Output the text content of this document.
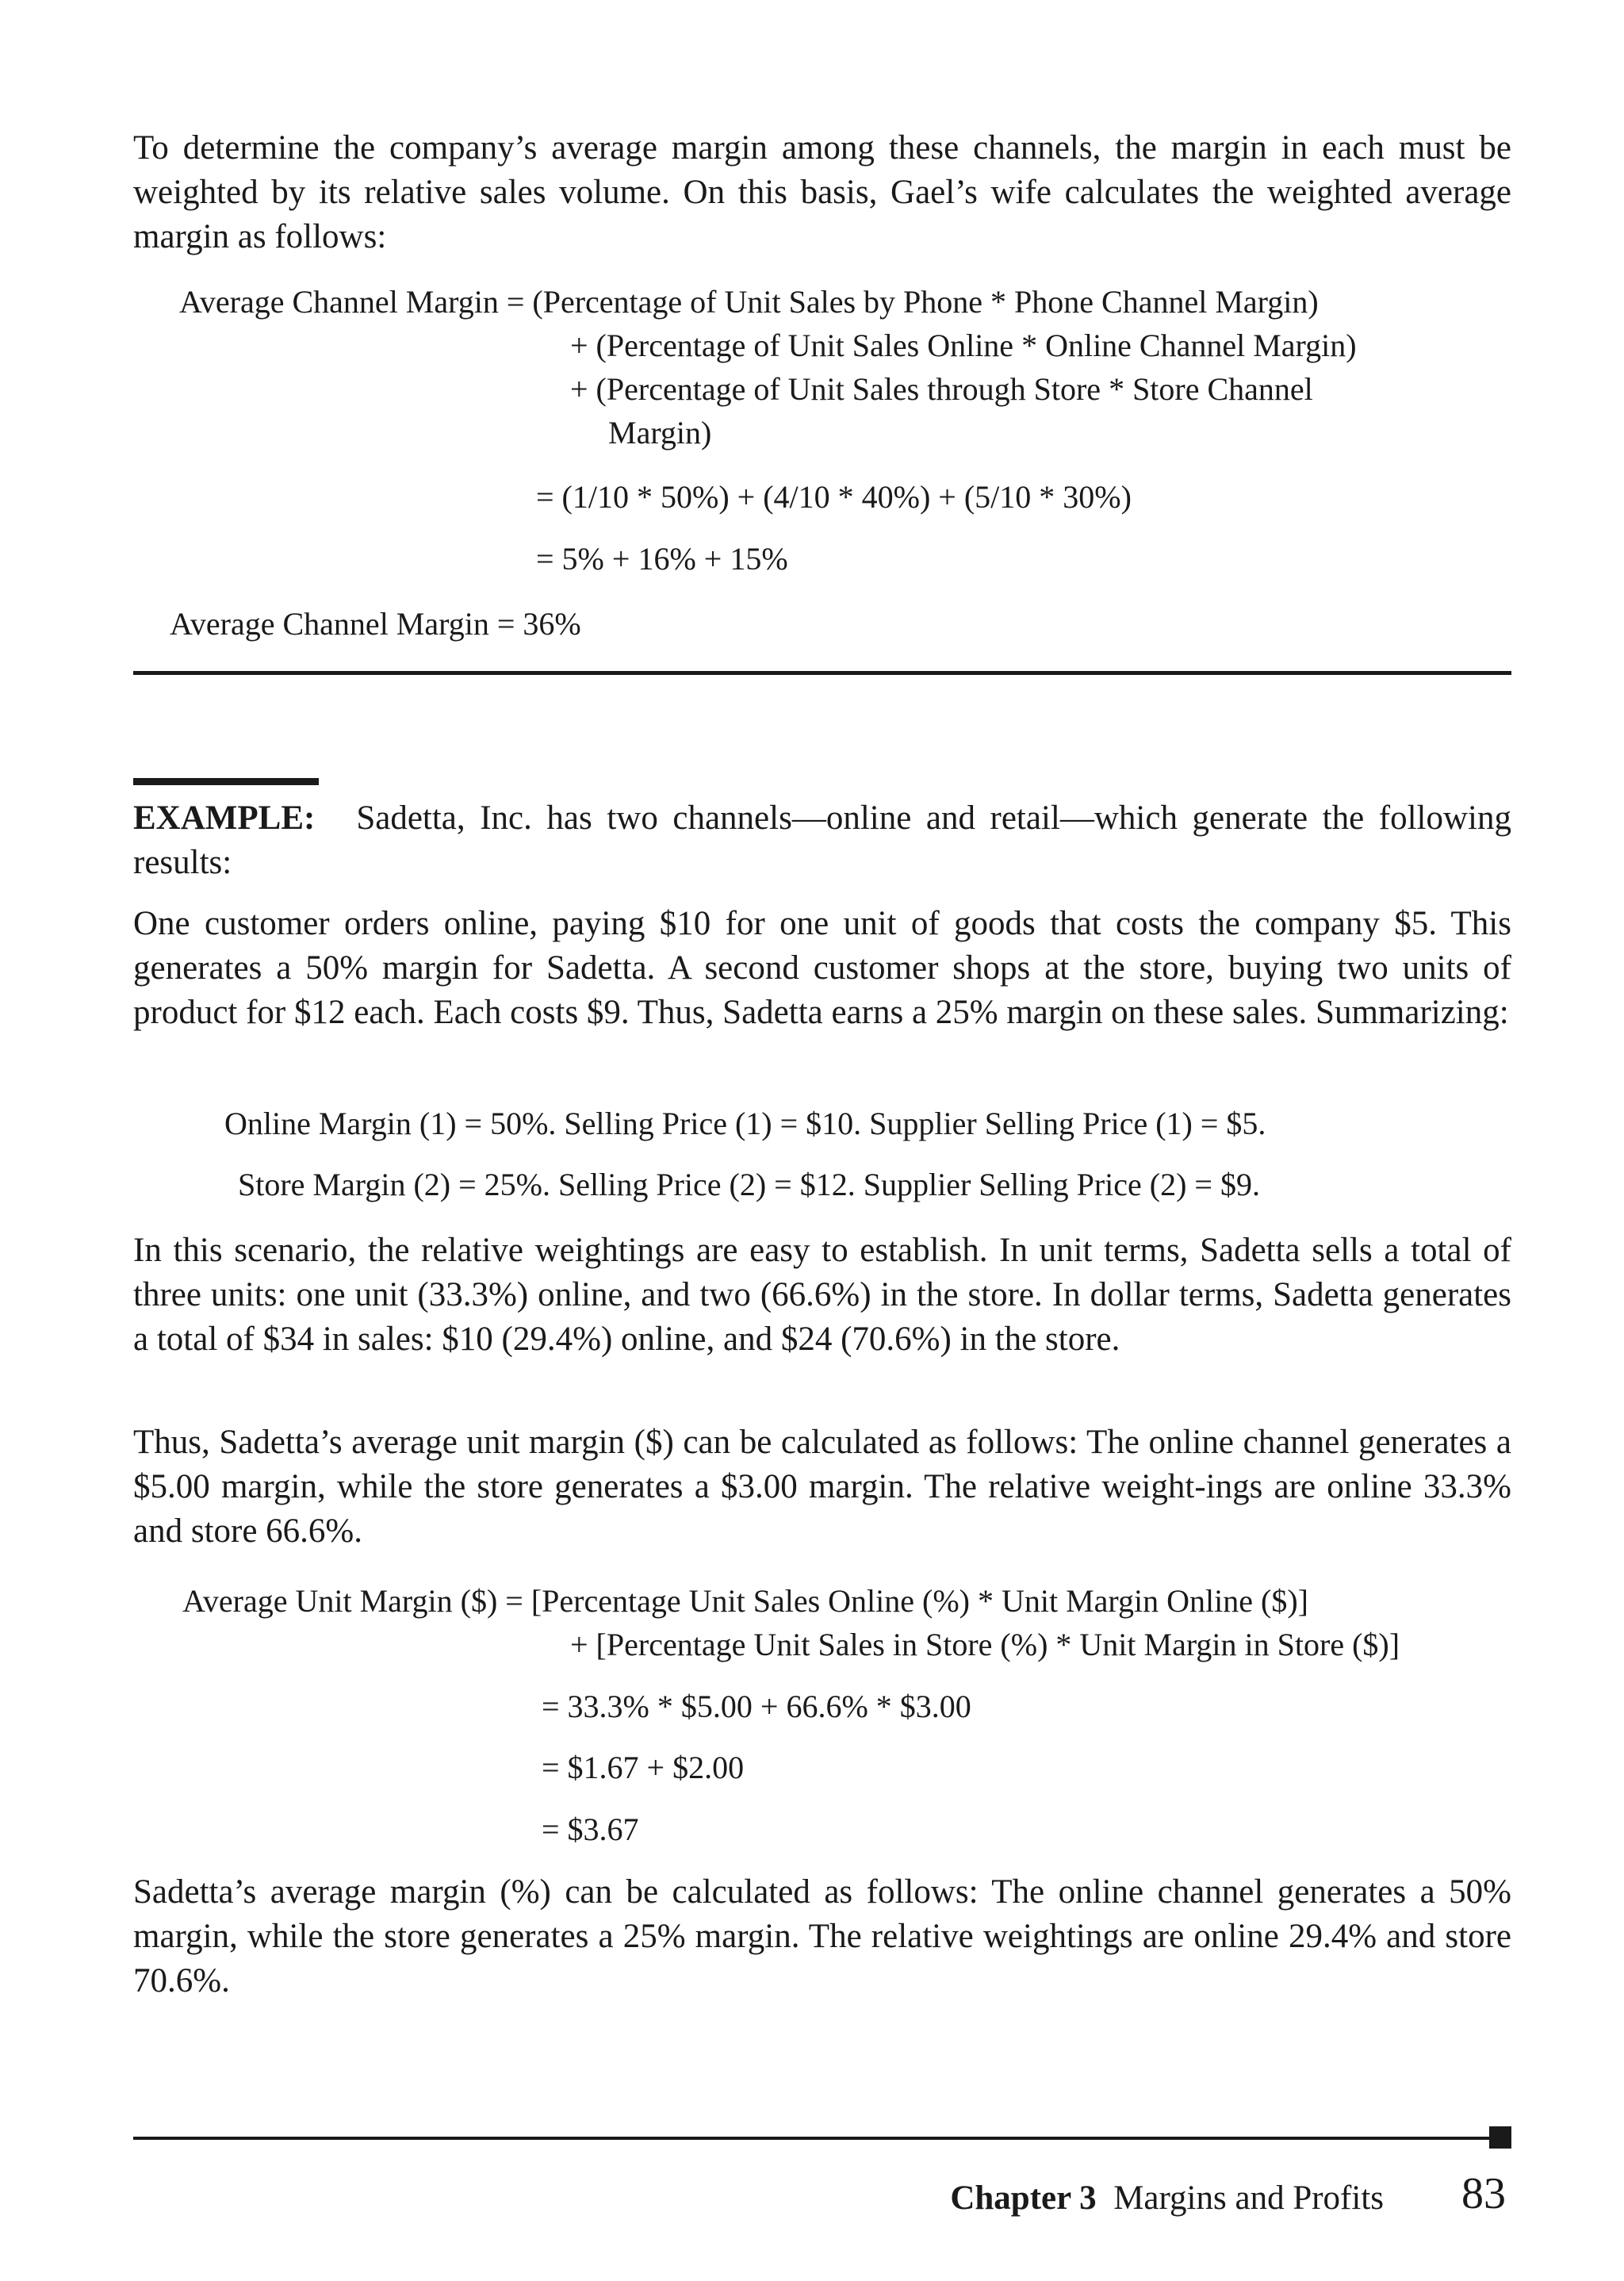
To determine the company’s average margin among these channels, the margin in each must be weighted by its relative sales volume. On this basis, Gael’s wife calculates the weighted average margin as follows:

Average Channel Margin = (Percentage of Unit Sales by Phone * Phone Channel Margin)
+ (Percentage of Unit Sales Online * Online Channel Margin)
+ (Percentage of Unit Sales through Store * Store Channel
Margin)
= (1/10 * 50%) + (4/10 * 40%) + (5/10 * 30%)
= 5% + 16% + 15%
Average Channel Margin = 36%

EXAMPLE: Sadetta, Inc. has two channels—online and retail—which generate the following results:

One customer orders online, paying $10 for one unit of goods that costs the company $5. This generates a 50% margin for Sadetta. A second customer shops at the store, buying two units of product for $12 each. Each costs $9. Thus, Sadetta earns a 25% margin on these sales. Summarizing:

Online Margin (1) = 50%. Selling Price (1) = $10. Supplier Selling Price (1) = $5.
Store Margin (2) = 25%. Selling Price (2) = $12. Supplier Selling Price (2) = $9.

In this scenario, the relative weightings are easy to establish. In unit terms, Sadetta sells a total of three units: one unit (33.3%) online, and two (66.6%) in the store. In dollar terms, Sadetta generates a total of $34 in sales: $10 (29.4%) online, and $24 (70.6%) in the store.

Thus, Sadetta’s average unit margin ($) can be calculated as follows: The online channel generates a $5.00 margin, while the store generates a $3.00 margin. The relative weight-ings are online 33.3% and store 66.6%.

Average Unit Margin ($) = [Percentage Unit Sales Online (%) * Unit Margin Online ($)]
+ [Percentage Unit Sales in Store (%) * Unit Margin in Store ($)]
= 33.3% * $5.00 + 66.6% * $3.00
= $1.67 + $2.00
= $3.67

Sadetta’s average margin (%) can be calculated as follows: The online channel generates a 50% margin, while the store generates a 25% margin. The relative weightings are online 29.4% and store 70.6%.

Chapter 3 Margins and Profits 83
